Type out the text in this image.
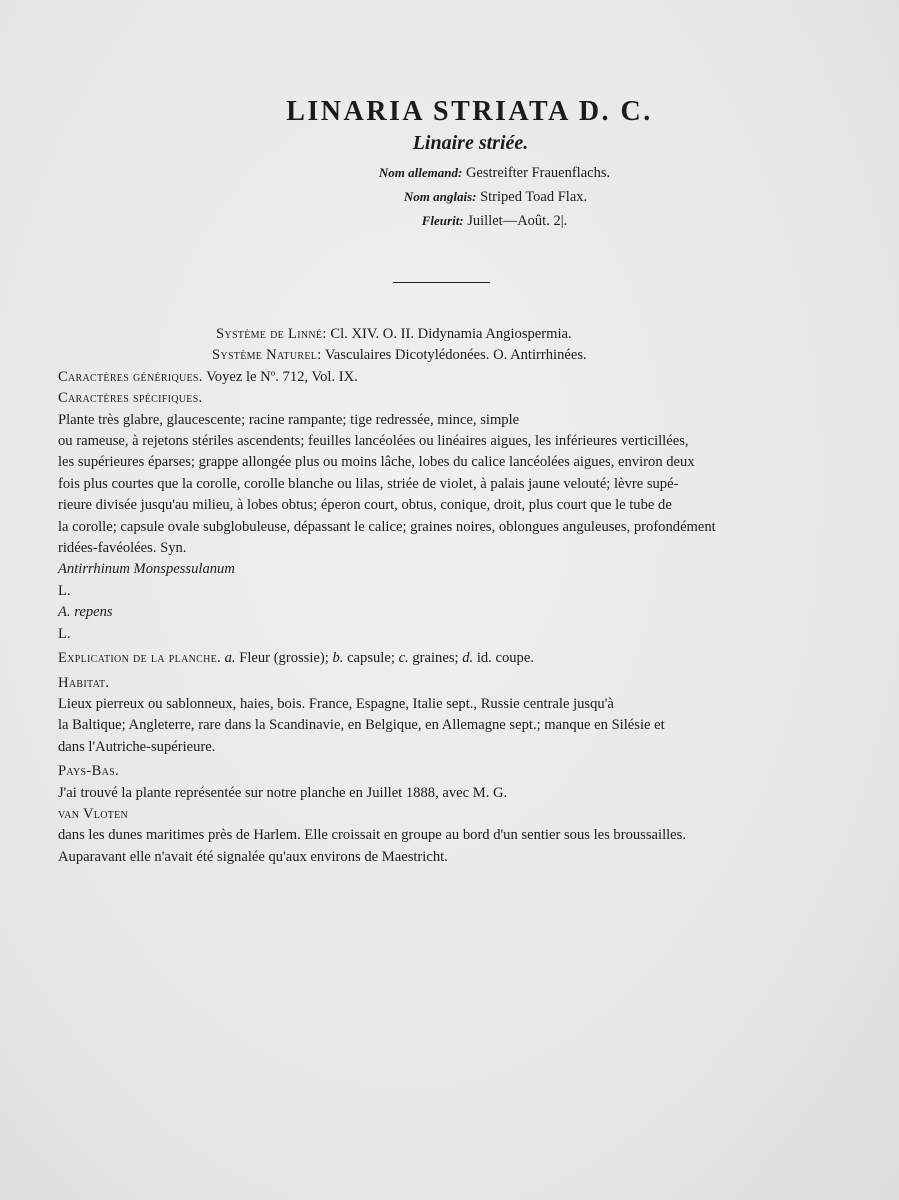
LINARIA STRIATA D. C.
Linaire striée.
Nom allemand: Gestreifter Frauenflachs.
Nom anglais: Striped Toad Flax.
Fleurit: Juillet—Août. 2|.

Système de Linné: Cl. XIV. O. II. Didynamia Angiospermia.

Système Naturel: Vasculaires Dicotylédonées. O. Antirrhinées.

Caractères génériques. Voyez le Nº. 712, Vol. IX.

Caractères spécifiques.
Plante très glabre, glaucescente; racine rampante; tige redressée, mince, simple
ou rameuse, à rejetons stériles ascendents; feuilles lancéolées ou linéaires aigues, les inférieures verticillées,
les supérieures éparses; grappe allongée plus ou moins lâche, lobes du calice lancéolées aigues, environ deux
fois plus courtes que la corolle, corolle blanche ou lilas, striée de violet, à palais jaune velouté; lèvre supé-
rieure divisée jusqu'au milieu, à lobes obtus; éperon court, obtus, conique, droit, plus court que le tube de
la corolle; capsule ovale subglobuleuse, dépassant le calice; graines noires, oblongues anguleuses, profondément
ridées-favéolées. Syn.
Antirrhinum Monspessulanum
L.
A. repens
L.

Explication de la planche. a. Fleur (grossie); b. capsule; c. graines; d. id. coupe.

Habitat.
Lieux pierreux ou sablonneux, haies, bois. France, Espagne, Italie sept., Russie centrale jusqu'à
la Baltique; Angleterre, rare dans la Scandinavie, en Belgique, en Allemagne sept.; manque en Silésie et
dans l'Autriche-supérieure.
Pays-Bas.
J'ai trouvé la plante représentée sur notre planche en Juillet 1888, avec M. G.
van Vloten
dans les dunes maritimes près de Harlem. Elle croissait en groupe au bord d'un sentier sous les broussailles.
Auparavant elle n'avait été signalée qu'aux environs de Maestricht.
